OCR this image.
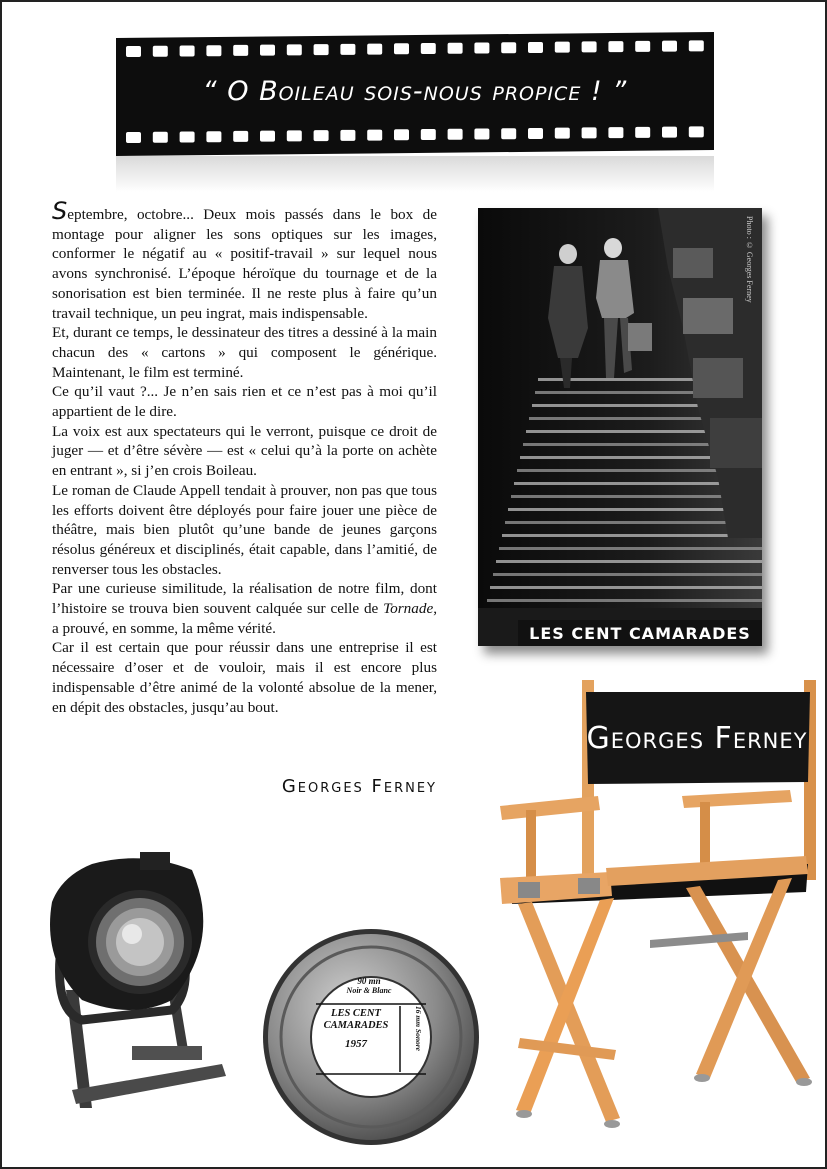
“ O Boileau sois-nous propice ! ”

Septembre, octobre... Deux mois passés dans le box de montage pour aligner les sons optiques sur les images, conformer le négatif au « positif-travail » sur lequel nous avons synchronisé. L’époque héroïque du tournage et de la sonorisation est bien terminée. Il ne reste plus à faire qu’un travail technique, un peu ingrat, mais indispensable.

Et, durant ce temps, le dessinateur des titres a dessiné à la main chacun des « cartons » qui composent le générique. Maintenant, le film est terminé.

Ce qu’il vaut ?... Je n’en sais rien et ce n’est pas à moi qu’il appartient de le dire.

La voix est aux spectateurs qui le verront, puisque ce droit de juger — et d’être sévère — est « celui qu’à la porte on achète en entrant », si j’en crois Boileau.

Le roman de Claude Appell tendait à prouver, non pas que tous les efforts doivent être déployés pour faire jouer une pièce de théâtre, mais bien plutôt qu’une bande de jeunes garçons résolus généreux et disciplinés, était capable, dans l’amitié, de renverser tous les obstacles.

Par une curieuse similitude, la réalisation de notre film, dont l’histoire se trouva bien souvent calquée sur celle de Tornade, a prouvé, en somme, la même vérité.

Car il est certain que pour réussir dans une entreprise il est nécessaire d’oser et de vouloir, mais il est encore plus indispensable d’être animé de la volonté absolue de la mener, en dépit des obstacles, jusqu’au bout.

Georges Ferney
Photo : © Georges Ferney
LES CENT CAMARADES
Georges Ferney
90 mn
Noir & Blanc
LES CENT CAMARADES
1957	16 mm Sonore
